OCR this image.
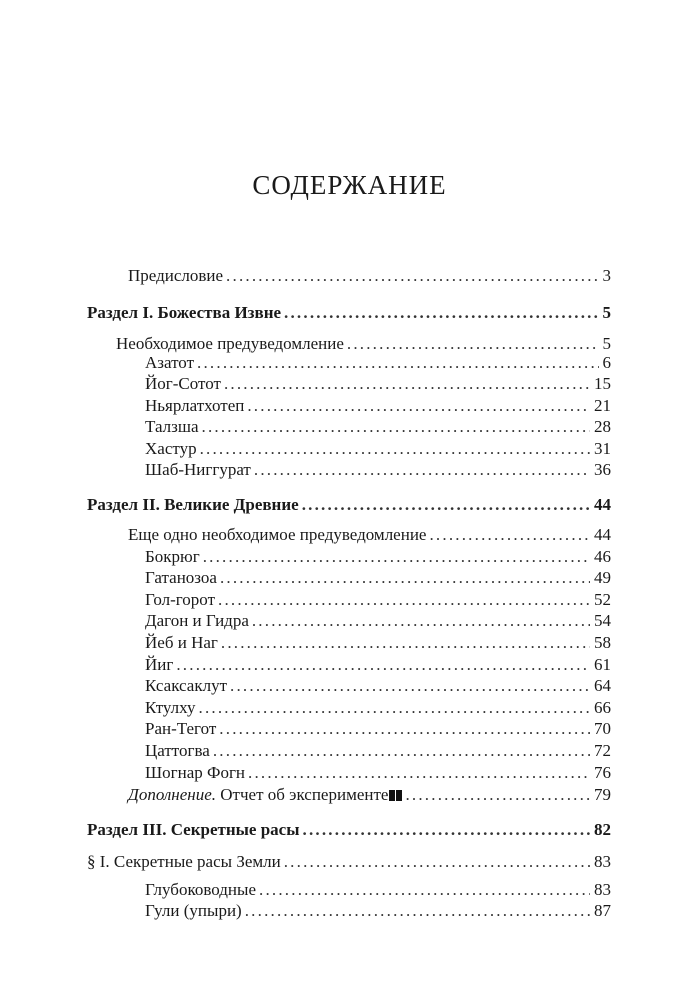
СОДЕРЖАНИЕ
Предисловие .....	3
Раздел I. Божества Извне .....	5
Необходимое предуведомление .....	5
Азатот .....	6
Йог-Сотот .....	15
Ньярлатхотеп .....	21
Талзша .....	28
Хастур .....	31
Шаб-Ниггурат .....	36
Раздел II. Великие Древние .....	44
Еще одно необходимое предуведомление .....	44
Бокрюг .....	46
Гатанозоа .....	49
Гол-горот .....	52
Дагон и Гидра .....	54
Йеб и Наг .....	58
Йиг .....	61
Ксаксаклут .....	64
Ктулху .....	66
Ран-Тегот .....	70
Цаттогва .....	72
Шогнар Фогн .....	76
Дополнение. Отчет об эксперименте .....	79
Раздел III. Секретные расы .....	82
§ I. Секретные расы Земли .....	83
Глубоководные .....	83
Гули (упыри) .....	87
